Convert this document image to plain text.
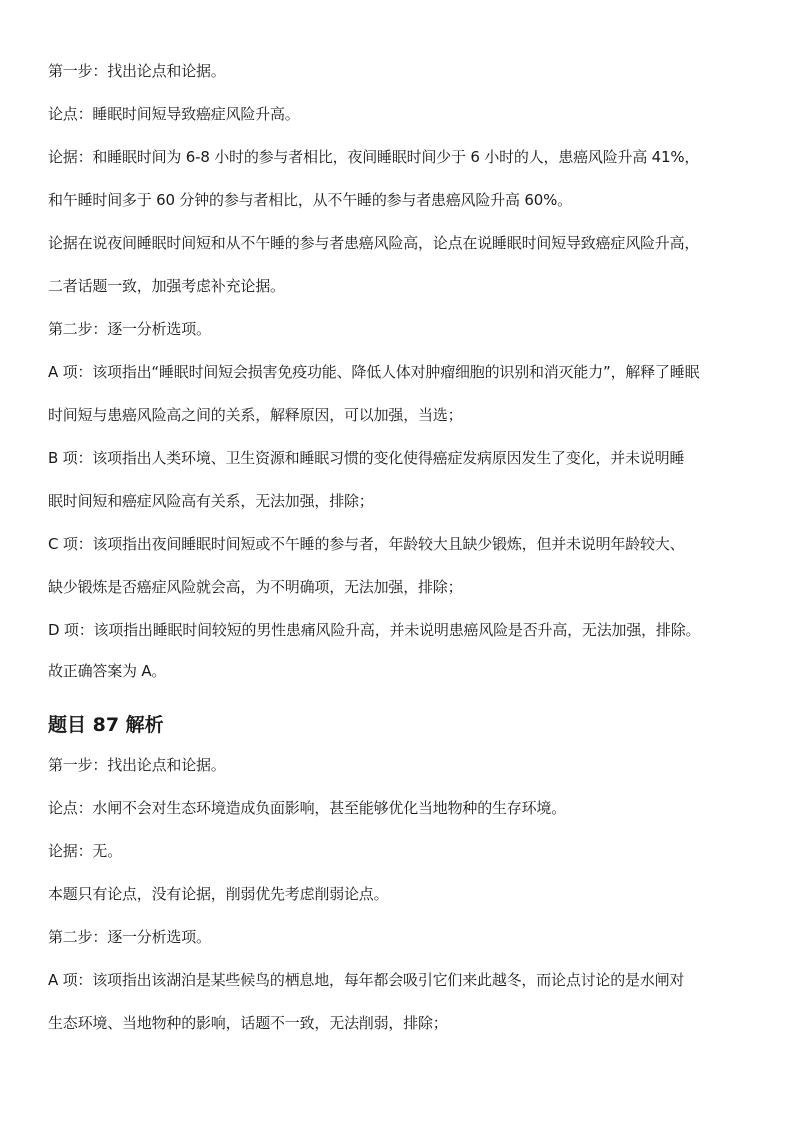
第一步：找出论点和论据。
论点：睡眠时间短导致癌症风险升高。
论据：和睡眠时间为 6-8 小时的参与者相比，夜间睡眠时间少于 6 小时的人，患癌风险升高 41%，
和午睡时间多于 60 分钟的参与者相比，从不午睡的参与者患癌风险升高 60%。
论据在说夜间睡眠时间短和从不午睡的参与者患癌风险高，论点在说睡眠时间短导致癌症风险升高，
二者话题一致，加强考虑补充论据。
第二步：逐一分析选项。
A 项：该项指出“睡眠时间短会损害免疫功能、降低人体对肿瘤细胞的识别和消灭能力”，解释了睡眠
时间短与患癌风险高之间的关系，解释原因，可以加强，当选；
B 项：该项指出人类环境、卫生资源和睡眠习惯的变化使得癌症发病原因发生了变化，并未说明睡
眠时间短和癌症风险高有关系，无法加强，排除；
C 项：该项指出夜间睡眠时间短或不午睡的参与者，年龄较大且缺少锻炼，但并未说明年龄较大、
缺少锻炼是否癌症风险就会高，为不明确项，无法加强，排除；
D 项：该项指出睡眠时间较短的男性患痛风险升高，并未说明患癌风险是否升高，无法加强，排除。
故正确答案为 A。
题目 87 解析
第一步：找出论点和论据。
论点：水闸不会对生态环境造成负面影响，甚至能够优化当地物种的生存环境。
论据：无。
本题只有论点，没有论据，削弱优先考虑削弱论点。
第二步：逐一分析选项。
A 项：该项指出该湖泊是某些候鸟的栖息地，每年都会吸引它们来此越冬，而论点讨论的是水闸对
生态环境、当地物种的影响，话题不一致，无法削弱，排除；
